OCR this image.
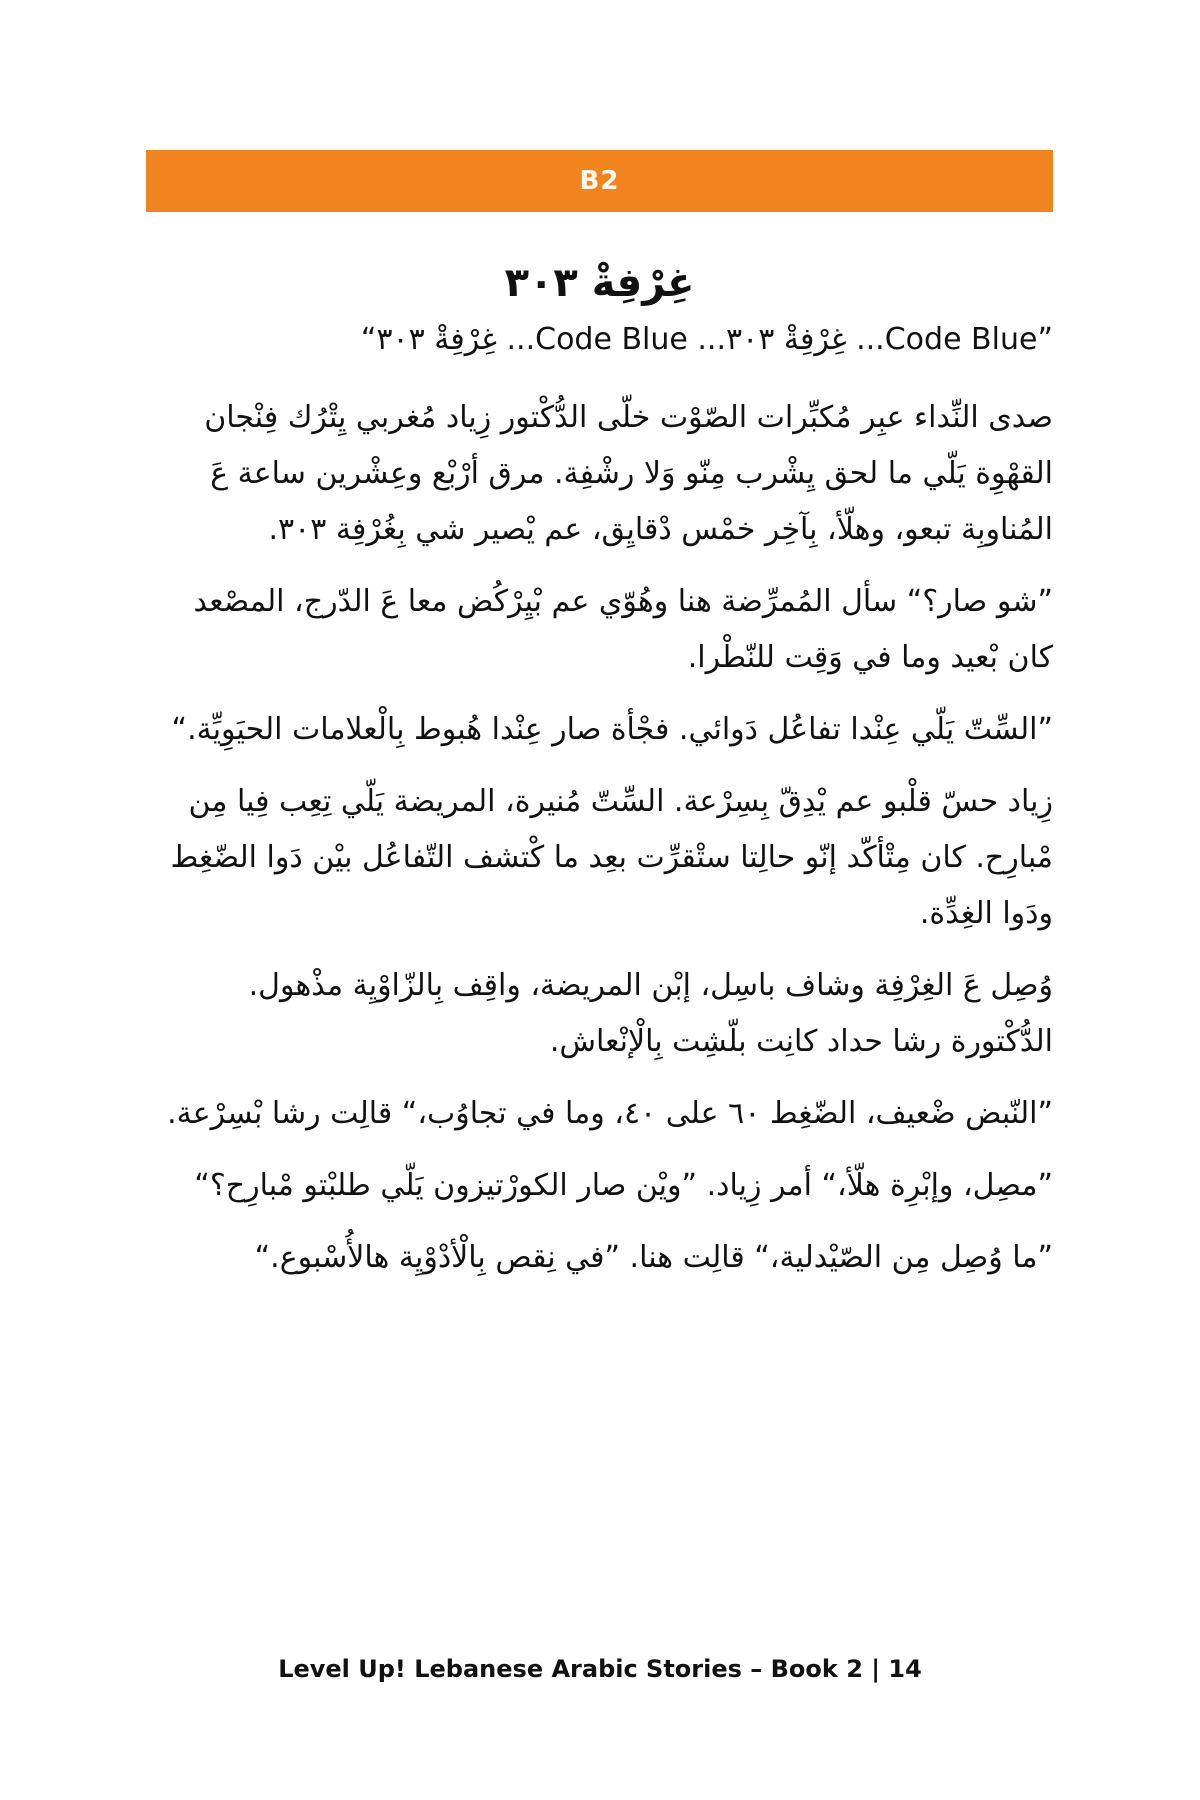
B2
غِرْفِةْ ٣٠٣

”Code Blue... غِرْفِةْ ٣٠٣... Code Blue... غِرْفِةْ ٣٠٣“

صدى النِّداء عبِر مُكبِّرات الصّوْت خلّى الدُّكْتور زِياد مُغربي يِتْرُك فِنْجان القهْوِة يَلّي ما لحق يِشْرب مِنّو وَلا رشْفِة. مرق أرْبْع وعِشْرين ساعة عَ المُناوبِة تبعو، وهلّأ، بِآخِر خمْس دْقايِق، عم يْصير شي بِغُرْفِة ٣٠٣.

”شو صار؟“ سأل المُمرِّضة هنا وهُوّي عم بْيِرْكُض معا عَ الدّرج، المصْعد كان بْعيد وما في وَقِت للنّطْرا.

”السِّتّ يَلّي عِنْدا تفاعُل دَوائي. فجْأة صار عِنْدا هُبوط بِالْعلامات الحيَوِيِّة.“

زِياد حسّ قلْبو عم يْدِقّ بِسِرْعة. السِّتّ مُنيرة، المريضة يَلّي تِعِب فِيا مِن مْبارِح. كان مِتْأكّد إنّو حالِتا ستْقرِّت بعِد ما كْتشف التّفاعُل بيْن دَوا الضّغِط ودَوا الغِدِّة.

وُصِل عَ الغِرْفِة وشاف باسِل، إبْن المريضة، واقِف بِالزّاوْيِة مذْهول. الدُّكْتورة رشا حداد كانِت بلّشِت بِالْإنْعاش.

”النّبض ضْعيف، الضّغِط ٦٠ على ٤٠، وما في تجاوُب،“ قالِت رشا بْسِرْعة.

”مصِل، وإبْرِة هلّأ،“ أمر زِياد. ”ويْن صار الكورْتيزون يَلّي طلبْتو مْبارِح؟“

”ما وُصِل مِن الصّيْدلية،“ قالِت هنا. ”في نِقص بِالْأدْوْيِة هالأُسْبوع.“

Level Up! Lebanese Arabic Stories – Book 2 | 14
